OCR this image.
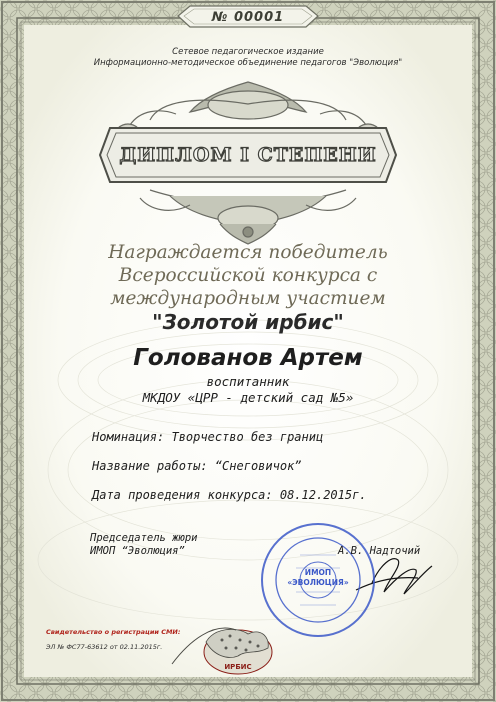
№ 00001
Сетевое педагогическое издание
Информационно-методическое объединение педагогов "Эволюция"
ДИПЛОМ I СТЕПЕНИ
Награждается победитель
Всероссийской конкурса с
международным участием
"Золотой ирбис"
Голованов Артем
воспитанник
МКДОУ «ЦРР - детский сад №5»
Номинация: Творчество без границ
Название работы: “Снеговичок”
Дата проведения конкурса: 08.12.2015г.
Председатель жюри
ИМОП “Эволюция”	А.В. Надточий
ИМОП
«ЭВОЛЮЦИЯ»
Свидетельство о регистрации СМИ:
ЭЛ № ФС77-63612 от 02.11.2015г.
ИРБИС
